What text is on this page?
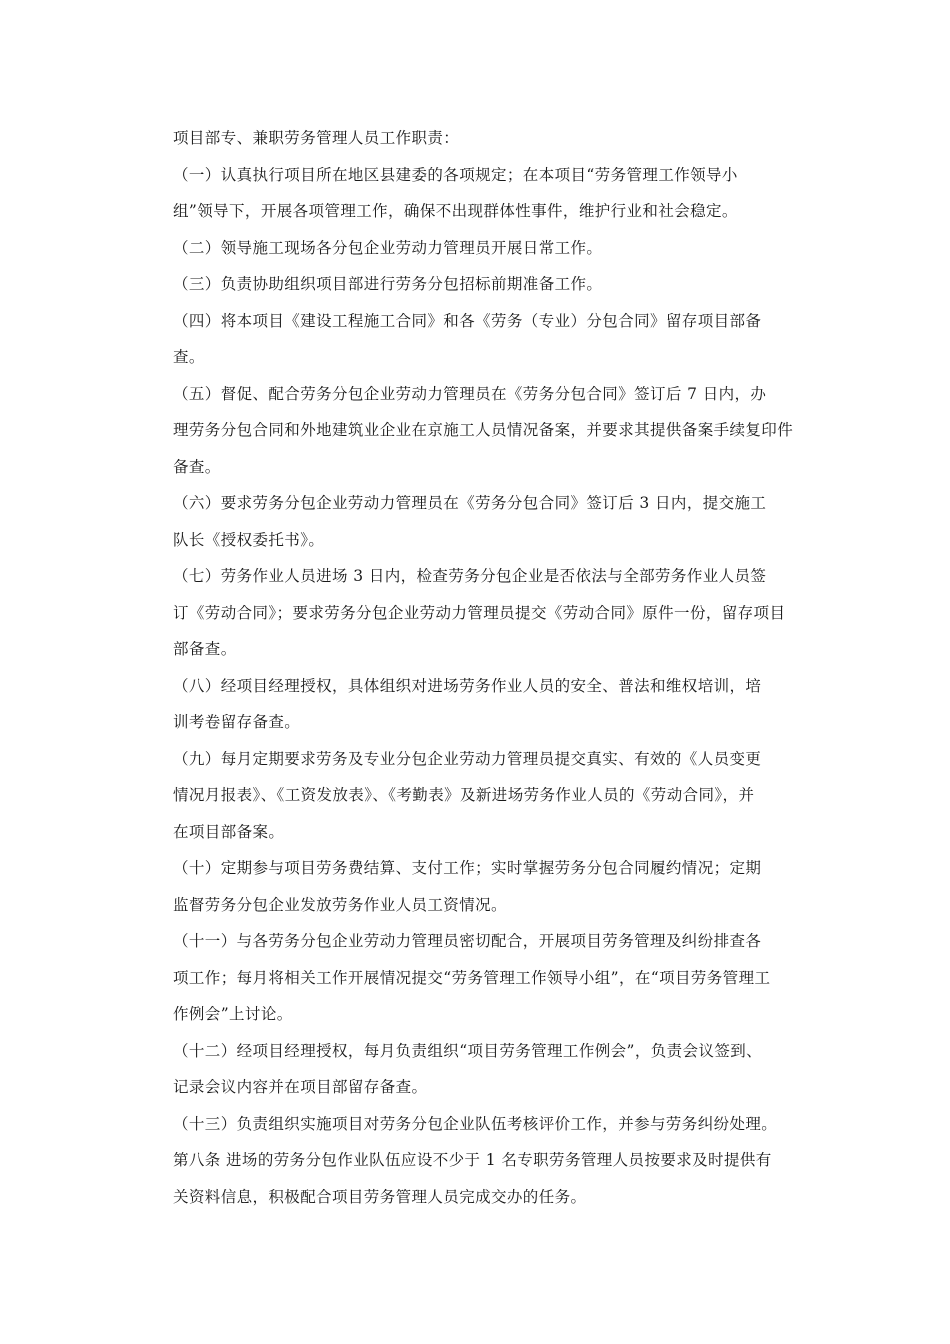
项目部专、兼职劳务管理人员工作职责：

（一）认真执行项目所在地区县建委的各项规定；在本项目“劳务管理工作领导小
组”领导下，开展各项管理工作，确保不出现群体性事件，维护行业和社会稳定。

（二）领导施工现场各分包企业劳动力管理员开展日常工作。

（三）负责协助组织项目部进行劳务分包招标前期准备工作。

（四）将本项目《建设工程施工合同》和各《劳务（专业）分包合同》留存项目部备
查。

（五）督促、配合劳务分包企业劳动力管理员在《劳务分包合同》签订后 7 日内，办
理劳务分包合同和外地建筑业企业在京施工人员情况备案，并要求其提供备案手续复印件
备查。

（六）要求劳务分包企业劳动力管理员在《劳务分包合同》签订后 3 日内，提交施工
队长《授权委托书》。

（七）劳务作业人员进场 3 日内，检查劳务分包企业是否依法与全部劳务作业人员签
订《劳动合同》；要求劳务分包企业劳动力管理员提交《劳动合同》原件一份，留存项目
部备查。

（八）经项目经理授权，具体组织对进场劳务作业人员的安全、普法和维权培训，培
训考卷留存备查。

（九）每月定期要求劳务及专业分包企业劳动力管理员提交真实、有效的《人员变更
情况月报表》、《工资发放表》、《考勤表》及新进场劳务作业人员的《劳动合同》，并
在项目部备案。

（十）定期参与项目劳务费结算、支付工作；实时掌握劳务分包合同履约情况；定期
监督劳务分包企业发放劳务作业人员工资情况。

（十一）与各劳务分包企业劳动力管理员密切配合，开展项目劳务管理及纠纷排查各
项工作；每月将相关工作开展情况提交“劳务管理工作领导小组”，在“项目劳务管理工
作例会”上讨论。

（十二）经项目经理授权，每月负责组织“项目劳务管理工作例会”，负责会议签到、
记录会议内容并在项目部留存备查。

（十三）负责组织实施项目对劳务分包企业队伍考核评价工作，并参与劳务纠纷处理。

第八条 进场的劳务分包作业队伍应设不少于 1 名专职劳务管理人员按要求及时提供有
关资料信息，积极配合项目劳务管理人员完成交办的任务。
